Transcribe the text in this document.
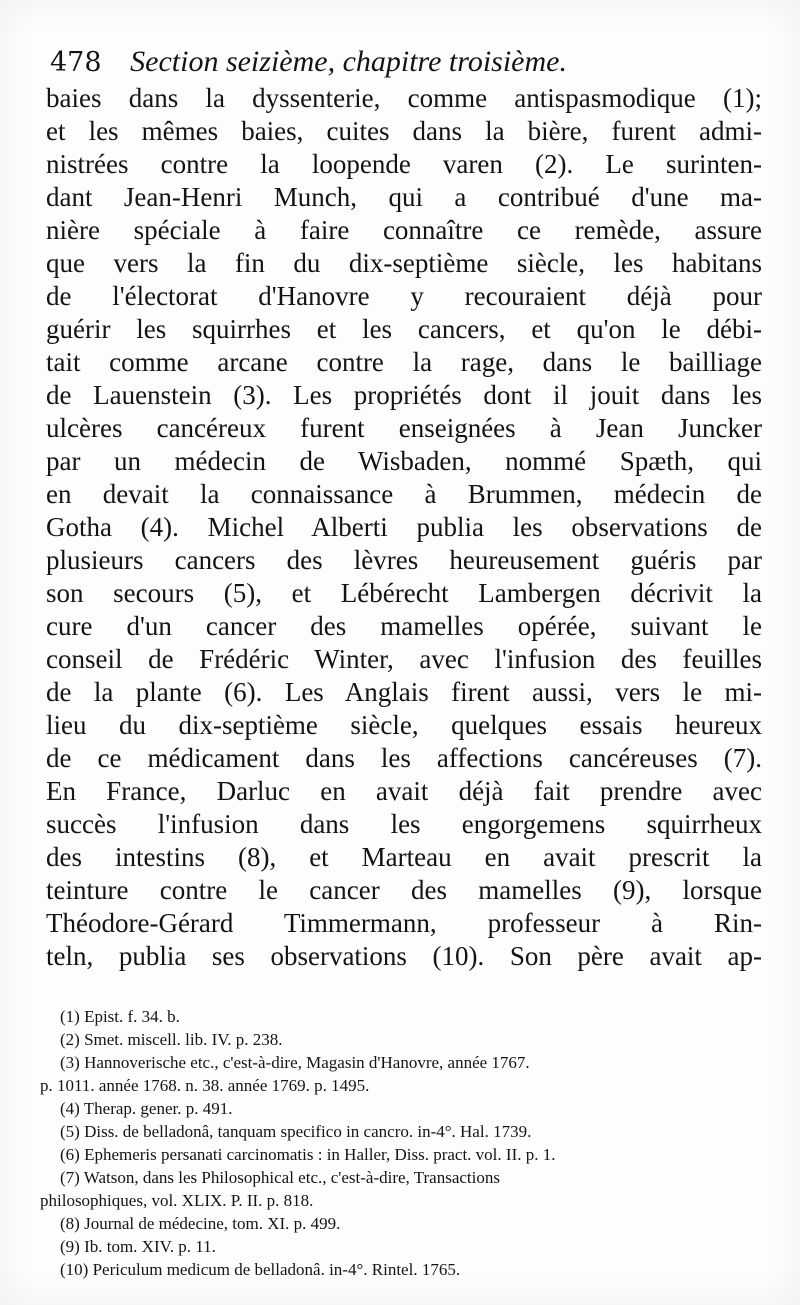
478 Section seizième, chapitre troisième.
baies dans la dyssenterie, comme antispasmodique (1);
et les mêmes baies, cuites dans la bière, furent admi-
nistrées contre la loopende varen (2). Le surinten-
dant Jean-Henri Munch, qui a contribué d'une ma-
nière spéciale à faire connaître ce remède, assure
que vers la fin du dix-septième siècle, les habitans
de l'électorat d'Hanovre y recouraient déjà pour
guérir les squirrhes et les cancers, et qu'on le débi-
tait comme arcane contre la rage, dans le bailliage
de Lauenstein (3). Les propriétés dont il jouit dans les
ulcères cancéreux furent enseignées à Jean Juncker
par un médecin de Wisbaden, nommé Spæth, qui
en devait la connaissance à Brummen, médecin de
Gotha (4). Michel Alberti publia les observations de
plusieurs cancers des lèvres heureusement guéris par
son secours (5), et Lébérecht Lambergen décrivit la
cure d'un cancer des mamelles opérée, suivant le
conseil de Frédéric Winter, avec l'infusion des feuilles
de la plante (6). Les Anglais firent aussi, vers le mi-
lieu du dix-septième siècle, quelques essais heureux
de ce médicament dans les affections cancéreuses (7).
En France, Darluc en avait déjà fait prendre avec
succès l'infusion dans les engorgemens squirrheux
des intestins (8), et Marteau en avait prescrit la
teinture contre le cancer des mamelles (9), lorsque
Théodore-Gérard Timmermann, professeur à Rin-
teln, publia ses observations (10). Son père avait ap-
(1) Epist. f. 34. b.
(2) Smet. miscell. lib. IV. p. 238.
(3) Hannoverische etc., c'est-à-dire, Magasin d'Hanovre, année 1767.
p. 1011. année 1768. n. 38. année 1769. p. 1495.
(4) Therap. gener. p. 491.
(5) Diss. de belladonâ, tanquam specifico in cancro. in-4°. Hal. 1739.
(6) Ephemeris persanati carcinomatis : in Haller, Diss. pract. vol. II. p. 1.
(7) Watson, dans les Philosophical etc., c'est-à-dire, Transactions
philosophiques, vol. XLIX. P. II. p. 818.
(8) Journal de médecine, tom. XI. p. 499.
(9) Ib. tom. XIV. p. 11.
(10) Periculum medicum de belladonâ. in-4°. Rintel. 1765.
